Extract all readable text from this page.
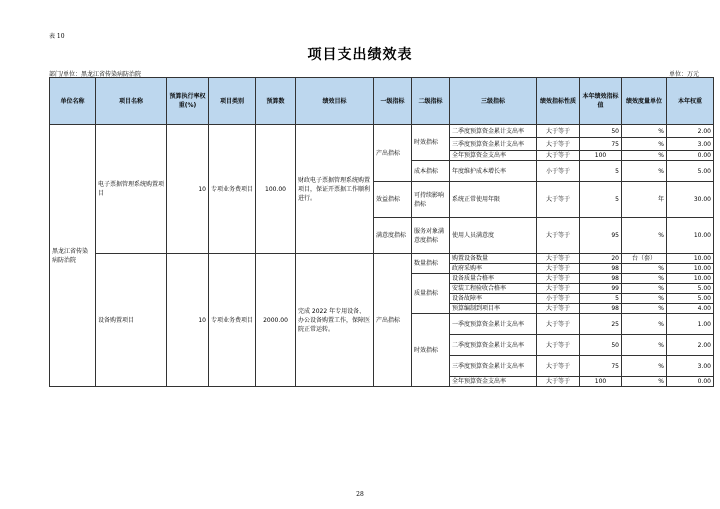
表 10
项目支出绩效表
部门/单位：黑龙江省传染病防治院	单位：万元
单位名称	项目名称	预算执行率权重(%)	项目类别	预算数	绩效目标	一级指标	二级指标	三级指标	绩效指标性质	本年绩效指标值	绩效度量单位	本年权重
黑龙江省传染病防治院	电子票据管理系统购置项目	10	专项业务费项目	100.00	财政电子票据管理系统购置项目，保证开票据工作顺利进行。	产出指标	时效指标	二季度预算资金累计支出率	大于等于	50	%	2.00
								三季度预算资金累计支出率	大于等于	75	%	3.00
								全年预算资金支出率	大于等于	100	%	0.00
							成本指标	年度维护成本增长率	小于等于	5	%	5.00
						效益指标	可持续影响指标	系统正常使用年限	大于等于	5	年	30.00
						满意度指标	服务对象满意度指标	使用人员满意度	大于等于	95	%	10.00
	设备购置项目	10	专项业务费项目	2000.00	完成 2022 年专用设备、办公设备购置工作，保障医院正常运转。	产出指标	数量指标	购置设备数量	大于等于	20	台（套）	10.00
								政府采购率	大于等于	98	%	10.00
							质量指标	设备质量合格率	大于等于	98	%	10.00
								安装工程验收合格率	大于等于	99	%	5.00
								设备故障率	小于等于	5	%	5.00
								预算编制到项目率	大于等于	98	%	4.00
							时效指标	一季度预算资金累计支出率	大于等于	25	%	1.00
								二季度预算资金累计支出率	大于等于	50	%	2.00
								三季度预算资金累计支出率	大于等于	75	%	3.00
								全年预算资金支出率	大于等于	100	%	0.00
28
